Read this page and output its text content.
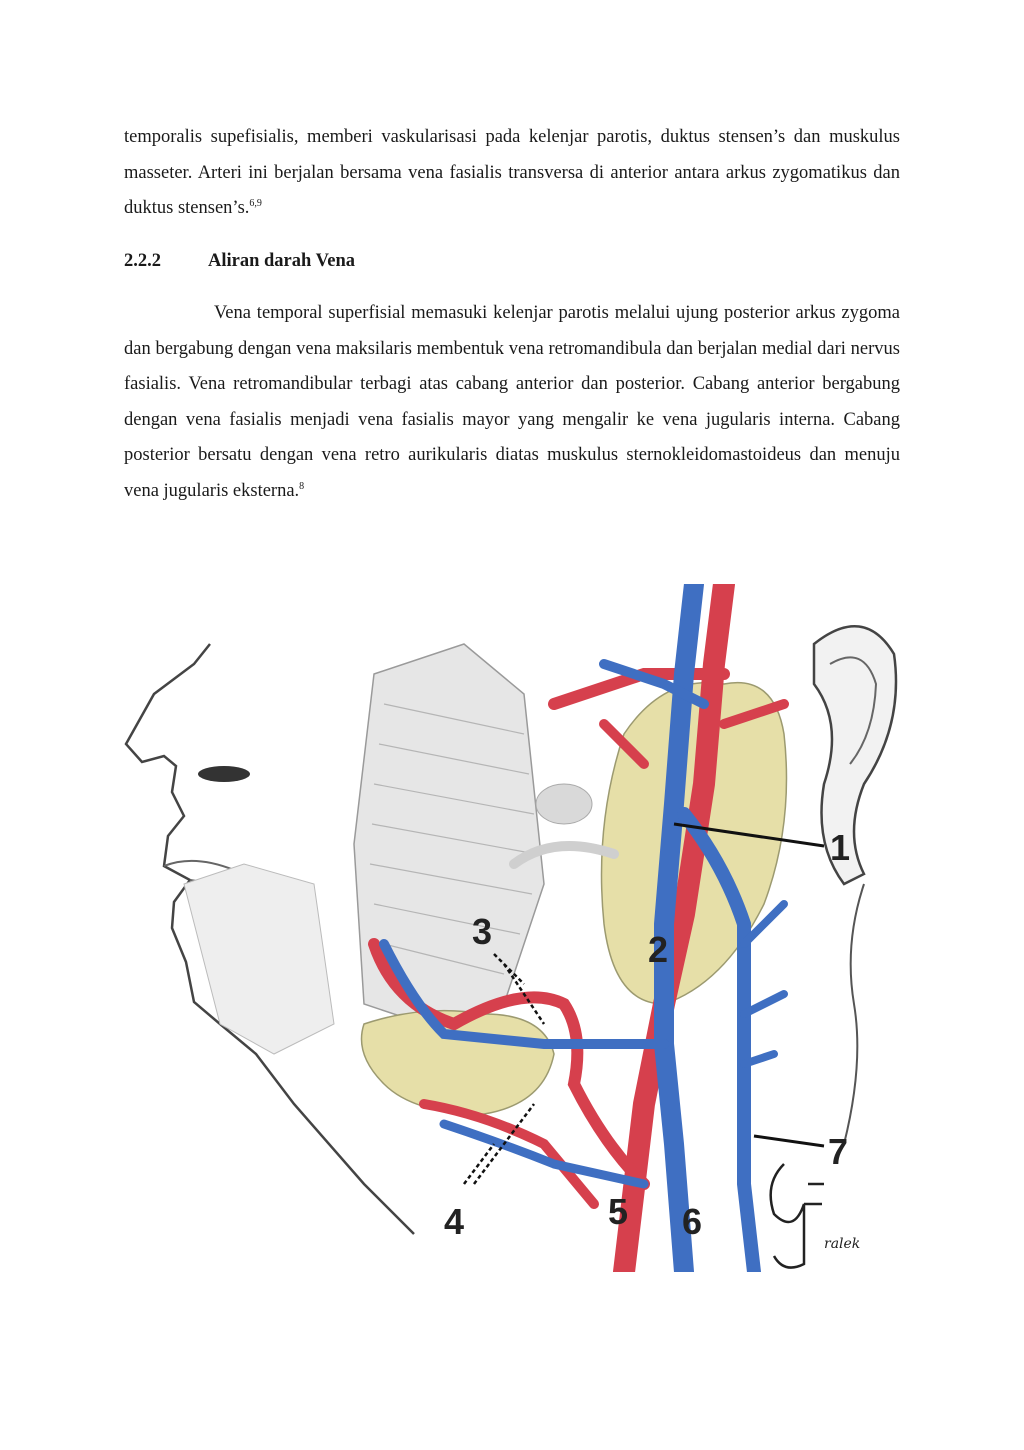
temporalis supefisialis, memberi vaskularisasi pada kelenjar parotis, duktus stensen’s dan muskulus masseter. Arteri ini berjalan bersama vena fasialis transversa di anterior antara arkus zygomatikus dan duktus stensen’s.$^{6,9}$
2.2.2	Aliran darah Vena
Vena temporal superfisial memasuki kelenjar parotis melalui ujung posterior arkus zygoma dan bergabung dengan vena maksilaris membentuk vena retromandibula dan berjalan medial dari nervus fasialis. Vena retromandibular terbagi atas cabang anterior dan posterior. Cabang anterior bergabung dengan vena fasialis menjadi vena fasialis mayor yang mengalir ke vena jugularis interna. Cabang posterior bersatu dengan vena retro aurikularis diatas muskulus sternokleidomastoideus dan menuju vena jugularis eksterna.$^8$
1
2
3
4	5 6
7
ralek
